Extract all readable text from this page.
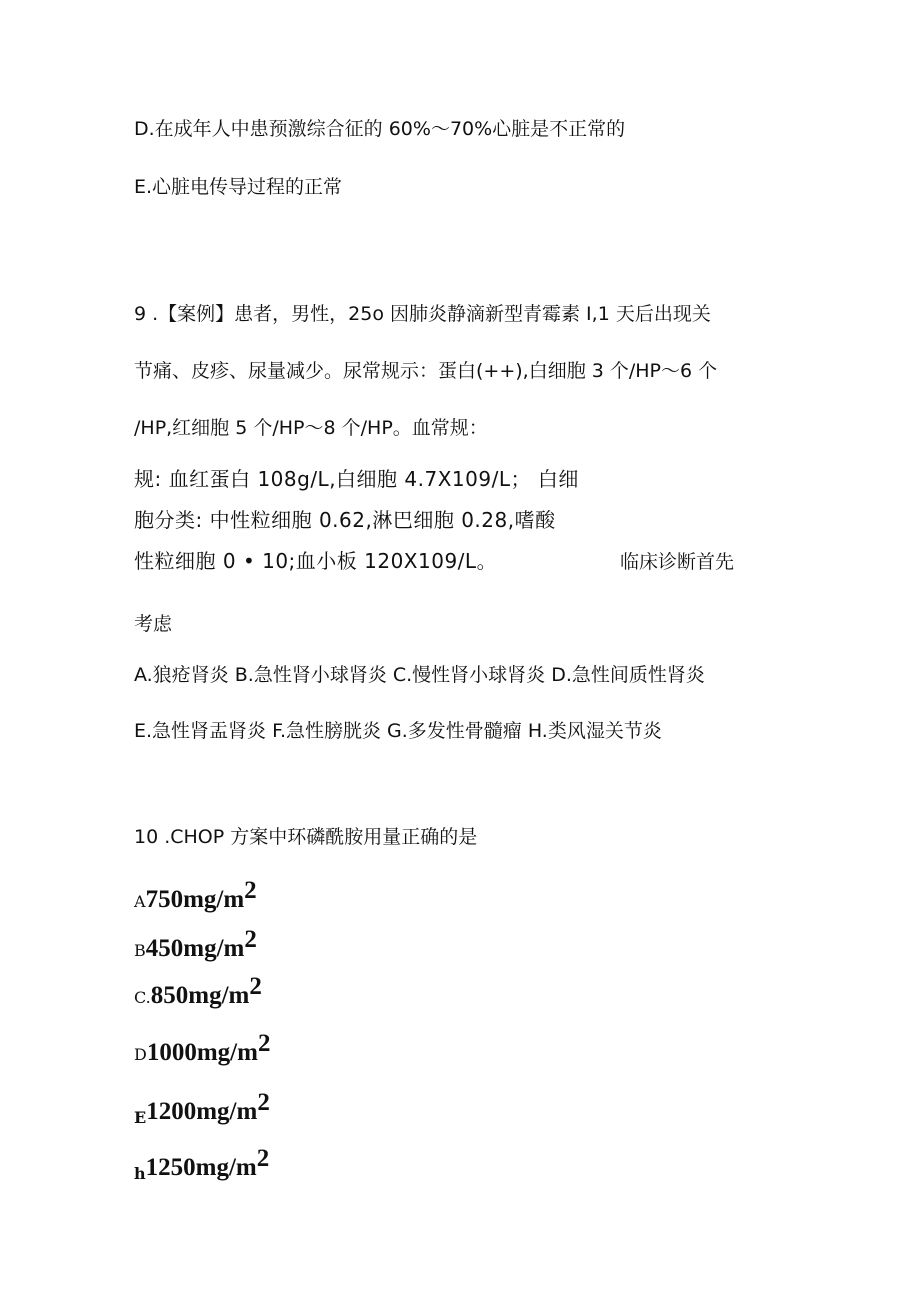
D.在成年人中患预激综合征的 60%～70%心脏是不正常的
E.心脏电传导过程的正常
9 .【案例】患者，男性，25o 因肺炎静滴新型青霉素 I,1 天后出现关
节痛、皮疹、尿量减少。尿常规示：蛋白(++),白细胞 3 个/HP～6 个
/HP,红细胞 5 个/HP～8 个/HP。血常规：
规: 血红蛋白 108g/L,白细胞 4.7X109/L； 白细
胞分类: 中性粒细胞 0.62,淋巴细胞 0.28,嗜酸
性粒细胞 0 • 10;血小板 120X109/L。	临床诊断首先
考虑
A.狼疮肾炎 B.急性肾小球肾炎 C.慢性肾小球肾炎 D.急性间质性肾炎
E.急性肾盂肾炎 F.急性膀胱炎 G.多发性骨髓瘤 H.类风湿关节炎
10 .CHOP 方案中环磷酰胺用量正确的是
$A750mg/m^2$
$B450mg/m^2$
$C.850mg/m^2$
$D1000mg/m^2$
$E1200mg/m^2$
$h1250mg/m^2$
